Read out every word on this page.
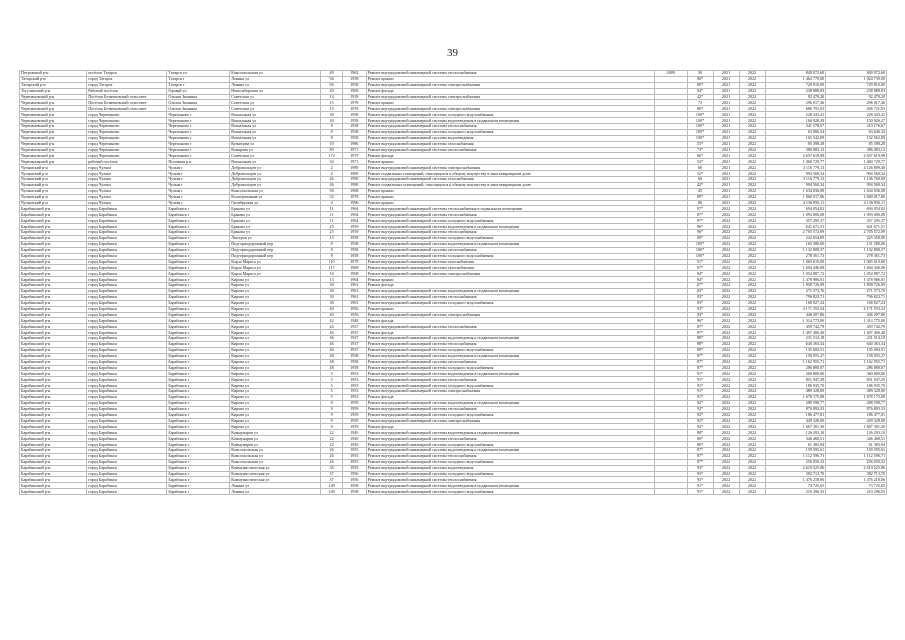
39
Петровский р-н	посёлок Татарск	Татарск ул	Комсомольская ул	49	1962	Ремонт внутридомовой инженерной системы теплоснабжения	2009	30	2021	2022	849 072,60	849 072,60
Татарский р-н	город Татарск	Татарск г	Ленина ул	94	1958	Ремонт крыши		80*	2021	2022	1 462 770,00	1 024 739,00
Татарский р-н	город Татарск	Татарск г	Ленина ул	94	1958	Ремонт внутридомовой инженерной системы электроснабжения		80*	2021	2022	729 810,00	729 810,00
Тогучинский р-н	Рабочий посёлок	Горный ул	Новосибирская ул	20	1969	Ремонт фасада		94*	2021	2022	238 888,83	238 888,83
Черепановский р-н	Посёлок Безменовский сельсовет	Ольхов Зимника	Советская ул	14	1918	Ремонт внутридомовой инженерной системы электроснабжения		42*	2021	2022	92 470,20	92 470,20
Черепановский р-н	Посёлок Безменовский сельсовет	Ольхов Зимника	Советская ул	15	1978	Ремонт крыши		73	2021	2022	296 017,46	296 017,46
Черепановский р-н	Посёлок Безменовский сельсовет	Ольхов Зимника	Советская ул	15	1978	Ремонт внутридомовой инженерной системы электроснабжения		80*	2021	2022	686 791,03	206 721,03
Черепановский р-н	город Черепаново	Черепаново г	Вокзальная ул	30	1958	Ремонт внутридомовой инженерной системы холодного водоснабжения		100*	2021	2022	228 343,41	228 343,41
Черепановский р-н	город Черепаново	Черепаново г	Вокзальная ул	30	1958	Ремонт внутридомовой инженерной системы водоотведения в подвальном помещении		100*	2021	2022	160 928,29	150 926,27
Черепановский р-н	город Черепаново	Черепаново г	Вокзальная ул	8	1958	Ремонт внутридомовой инженерной системы теплоснабжения		100*	2021	2022	341 578,67	210 176,67
Черепановский р-н	город Черепаново	Черепаново г	Вокзальная ул	8	1958	Ремонт внутридомовой инженерной системы холодного водоснабжения		100*	2021	2022	63 806,54	63 646,34
Черепановский р-н	город Черепаново	Черепаново г	Вокзальная ул	8	1958	Ремонт внутридомовой инженерной системы водоотведения		100*	2021	2022	165 542,09	152 562,09
Черепановский р-н	город Черепаново	Черепаново г	Кузнецова ул	10	1986	Ремонт внутридомовой инженерной системы газоснабжения		53*	2021	2022	85 398,28	85 398,28
Черепановский р-н	город Черепаново	Черепаново г	Комарова ул	85	1971	Ремонт внутридомовой инженерной системы теплоснабжения		73*	2021	2022	386 083,13	386 083,13
Черепановский р-н	город Черепаново	Черепаново г	Советская ул	172	1975	Ремонт фасада		66*	2021	2022	2 657 619,98	2 657 619,98
Черепановский р-н	рабочий посёлок	Посевная р.п.	Вокзальная ул	34	1971	Ремонт крыши		52*	2021	2022	1 460 729,77	1 460 729,77
Чулымский р-н	город Чулым	Чулым г	Добровольцев ул	2	1989	Ремонт внутридомовой инженерной системы электроснабжения		60	2021	2022	3 116 779,13	4 126 809,48
Чулымский р-н	город Чулым	Чулым г	Добровольцев ул	2	1989	Ремонт подвальных помещений, относящихся к общему имуществу в многоквартирном доме		52*	2021	2022	994 560,34	994 560,34
Чулымский р-н	город Чулым	Чулым г	Добровольцев ул	26	1990	Ремонт внутридомовой инженерной системы газоснабжения		60	2021	2022	3 116 779,13	1 136 760,00
Чулымский р-н	город Чулым	Чулым г	Добровольцев ул	26	1990	Ремонт подвальных помещений, относящихся к общему имуществу в многоквартирном доме		42*	2021	2022	994 560,34	994 560,34
Чулымский р-н	город Чулым	Чулым г	Комсомольская ул	56	1968	Ремонт крыши		45	2021	2022	1 634 036,08	1 634 036,08
Чулымский р-н	город Чулым	Чулым г	Кооперативная ул	52	1978	Ремонт крыши		89*	2021	2022	1 860 017,86	1 660 017,86
Чулымский р-н	город Чулым	Чулым г	Октябрьская ул	4	1996	Ремонт крыши		86	2021	2022	4 136 956,11	4 136 956,11
Барабинский р-н	город Барабинск	Барабинск г	Брынзы ул	11	1964	Ремонт внутридомовой инженерной системы теплоснабжения в подвальном помещении		87*	2022	2022	694 054,02	694 054,02
Барабинский р-н	город Барабинск	Барабинск г	Брынзы ул	11	1964	Ремонт внутридомовой инженерной системы теплоснабжения		87*	2022	2022	1 093 006,08	1 093 006,08
Барабинский р-н	город Барабинск	Барабинск г	Брынзы ул	11	1964	Ремонт внутридомовой инженерной системы холодного водоснабжения		87*	2022	2022	357 295,37	357 295,37
Барабинский р-н	город Барабинск	Барабинск г	Брынзы ул	25	1959	Ремонт внутридомовой инженерной системы водоотведения в подвальном помещении		96*	2022	2022	641 671,51	641 671,51
Барабинский р-н	город Барабинск	Барабинск г	Брынзы ул	25	1959	Ремонт внутридомовой инженерной системы теплоснабжения		96*	2022	2022	2 705 572,09	2 705 572,09
Барабинский р-н	город Барабинск	Барабинск г	Лютеров ул	15	1958	Ремонт внутридомовой инженерной системы холодного водоснабжения		80*	2022	2022	242 654,09	225 350,00
Барабинский р-н	город Барабинск	Барабинск г	Подгорнодорожный пер	8	1958	Ремонт внутридомовой инженерной системы водоотведения в подвальном помещении		100*	2022	2022	165 580,00	151 580,00
Барабинский р-н	город Барабинск	Барабинск г	Подгорнодорожный пер	8	1958	Ремонт внутридомовой инженерной системы теплоснабжения		100*	2022	2022	1 132 808,57	1 132 808,57
Барабинский р-н	город Барабинск	Барабинск г	Подгорнодорожный пер	8	1958	Ремонт внутридомовой инженерной системы холодного водоснабжения		100*	2022	2022	278 361,73	278 361,73
Барабинский р-н	город Барабинск	Барабинск г	Карла Маркса ул	110	1978	Ремонт внутридомовой инженерной системы газоснабжения		51*	2022	2022	1 065 610,00	1 065 610,00
Барабинский р-н	город Барабинск	Барабинск г	Карла Маркса ул	117	1969	Ремонт внутридомовой инженерной системы газоснабжения		67*	2022	2022	1 604 446,08	1 604 446,08
Барабинский р-н	город Барабинск	Барабинск г	Карла Маркса ул	16	1968	Ремонт внутридомовой инженерной системы электроснабжения		84*	2022	2022	1 054 887,72	1 054 887,72
Барабинский р-н	город Барабинск	Барабинск г	Кирова ул	13	1964	Ремонт крыши		84*	2022	2022	1 478 986,01	1 478 986,01
Барабинский р-н	город Барабинск	Барабинск г	Кирова ул	30	1961	Ремонт фасада		67*	2022	2022	1 858 726,09	1 858 726,09
Барабинский р-н	город Барабинск	Барабинск г	Кирова ул	30	1961	Ремонт внутридомовой инженерной системы водоотведения в подвальном помещении		83*	2022	2022	271 573,76	271 573,76
Барабинский р-н	город Барабинск	Барабинск г	Кирова ул	30	1961	Ремонт внутридомовой инженерной системы теплоснабжения		83*	2022	2022	796 823,71	796 823,71
Барабинский р-н	город Барабинск	Барабинск г	Кирова ул	30	1961	Ремонт внутридомовой инженерной системы холодного водоснабжения		83*	2022	2022	168 827,24	168 827,24
Барабинский р-н	город Барабинск	Барабинск г	Кирова ул	40	1956	Ремонт крыши		93*	2022	2022	4 171 553,54	4 171 553,54
Барабинский р-н	город Барабинск	Барабинск г	Кирова ул	40	1956	Ремонт внутридомовой инженерной системы электроснабжения		93*	2022	2022	446 207,86	446 207,86
Барабинский р-н	город Барабинск	Барабинск г	Кирова ул	42	1948	Ремонт фасада		96*	2022	2022	1 314 775,00	1 314 775,00
Барабинский р-н	город Барабинск	Барабинск г	Кирова ул	44	1937	Ремонт внутридомовой инженерной системы теплоснабжения		87*	2022	2022	459 742,79	459 742,79
Барабинский р-н	город Барабинск	Барабинск г	Кирова ул	46	1937	Ремонт фасада		87*	2022	2022	1 407 406,48	1 407 406,48
Барабинский р-н	город Барабинск	Барабинск г	Кирова ул	46	1937	Ремонт внутридомовой инженерной системы водоотведения в подвальном помещении		88*	2022	2022	231 514,18	231 514,18
Барабинский р-н	город Барабинск	Барабинск г	Кирова ул	46	1937	Ремонт внутридомовой инженерной системы теплоснабжения		88*	2022	2022	640 363,34	640 363,34
Барабинский р-н	город Барабинск	Барабинск г	Кирова ул	46	1937	Ремонт внутридомовой инженерной системы холодного водоснабжения		88*	2022	2022	135 694,51	135 694,51
Барабинский р-н	город Барабинск	Барабинск г	Кирова ул	48	1958	Ремонт внутридомовой инженерной системы водоотведения в подвальном помещении		87*	2022	2022	158 055,27	158 055,27
Барабинский р-н	город Барабинск	Барабинск г	Кирова ул	48	1958	Ремонт внутридомовой инженерной системы теплоснабжения		87*	2022	2022	1 162 955,71	1 162 955,71
Барабинский р-н	город Барабинск	Барабинск г	Кирова ул	48	1958	Ремонт внутридомовой инженерной системы холодного водоснабжения		87*	2022	2022	286 880,07	286 880,07
Барабинский р-н	город Барабинск	Барабинск г	Кирова ул	5	1953	Ремонт внутридомовой инженерной системы водоотведения в подвальном помещении		91*	2022	2022	360 800,00	360 800,00
Барабинский р-н	город Барабинск	Барабинск г	Кирова ул	5	1953	Ремонт внутридомовой инженерной системы теплоснабжения		91*	2022	2022	851 947,29	851 947,29
Барабинский р-н	город Барабинск	Барабинск г	Кирова ул	5	1953	Ремонт внутридомовой инженерной системы холодного водоснабжения		91*	2022	2022	186 935,70	186 935,70
Барабинский р-н	город Барабинск	Барабинск г	Кирова ул	5	1953	Ремонт внутридомовой инженерной системы электроснабжения		91*	2022	2022	489 328,00	489 328,00
Барабинский р-н	город Барабинск	Барабинск г	Кирова ул	5	1953	Ремонт фасада		91*	2022	2022	1 678 175,08	1 678 175,08
Барабинский р-н	город Барабинск	Барабинск г	Кирова ул	9	1959	Ремонт внутридомовой инженерной системы водоотведения в подвальном помещении		92*	2022	2022	288 598,77	288 598,77
Барабинский р-н	город Барабинск	Барабинск г	Кирова ул	9	1959	Ремонт внутридомовой инженерной системы теплоснабжения		92*	2022	2022	876 893,33	876 893,33
Барабинский р-н	город Барабинск	Барабинск г	Кирова ул	9	1959	Ремонт внутридомовой инженерной системы холодного водоснабжения		92*	2022	2022	186 477,81	186 477,81
Барабинский р-н	город Барабинск	Барабинск г	Кирова ул	9	1959	Ремонт внутридомовой инженерной системы электроснабжения		92*	2022	2022	449 328,00	449 328,00
Барабинский р-н	город Барабинск	Барабинск г	Кирова ул	9	1959	Ремонт фасада		92*	2022	2022	1 667 301,30	1 667 301,30
Барабинский р-н	город Барабинск	Барабинск г	Коммунаров ул	22	1949	Ремонт внутридомовой инженерной системы водоотведения в подвальном помещении		80*	2022	2022	126 293,10	126 293,10
Барабинский р-н	город Барабинск	Барабинск г	Коммунаров ул	22	1949	Ремонт внутридомовой инженерной системы теплоснабжения		80*	2022	2022	346 468,51	346 468,51
Барабинский р-н	город Барабинск	Барабинск г	Коммунаров ул	22	1949	Ремонт внутридомовой инженерной системы холодного водоснабжения		80*	2022	2022	61 383,94	61 383,94
Барабинский р-н	город Барабинск	Барабинск г	Комсомольская ул	26	1955	Ремонт внутридомовой инженерной системы водоотведения в подвальном помещении		87*	2022	2022	159 595,61	159 595,61
Барабинский р-н	город Барабинск	Барабинск г	Комсомольская ул	26	1955	Ремонт внутридомовой инженерной системы теплоснабжения		87*	2022	2022	1 112 596,71	1 112 596,71
Барабинский р-н	город Барабинск	Барабинск г	Комсомольская ул	26	1955	Ремонт внутридомовой инженерной системы холодного водоснабжения		87*	2022	2022	256 050,32	256 050,32
Барабинский р-н	город Барабинск	Барабинск г	Коммунистическая ул	35	1955	Ремонт внутридомовой инженерной системы водоотведения		93*	2022	2022	2 619 525,86	2 619 525,86
Барабинский р-н	город Барабинск	Барабинск г	Коммунистическая ул	37	1956	Ремонт внутридомовой инженерной системы холодного водоснабжения		93*	2022	2022	382 713,70	382 713,70
Барабинский р-н	город Барабинск	Барабинск г	Коммунистическая ул	37	1956	Ремонт внутридомовой инженерной системы теплоснабжения		93*	2022	2022	1 476 218,06	1 476 218,06
Барабинский р-н	город Барабинск	Барабинск г	Ленина ул	149	1958	Ремонт внутридомовой инженерной системы водоотведения в подвальном помещении		91*	2022	2022	73 725,65	73 725,65
Барабинский р-н	город Барабинск	Барабинск г	Ленина ул	149	1958	Ремонт внутридомовой инженерной системы холодного водоснабжения		91*	2022	2022	210 296,55	210 296,55
